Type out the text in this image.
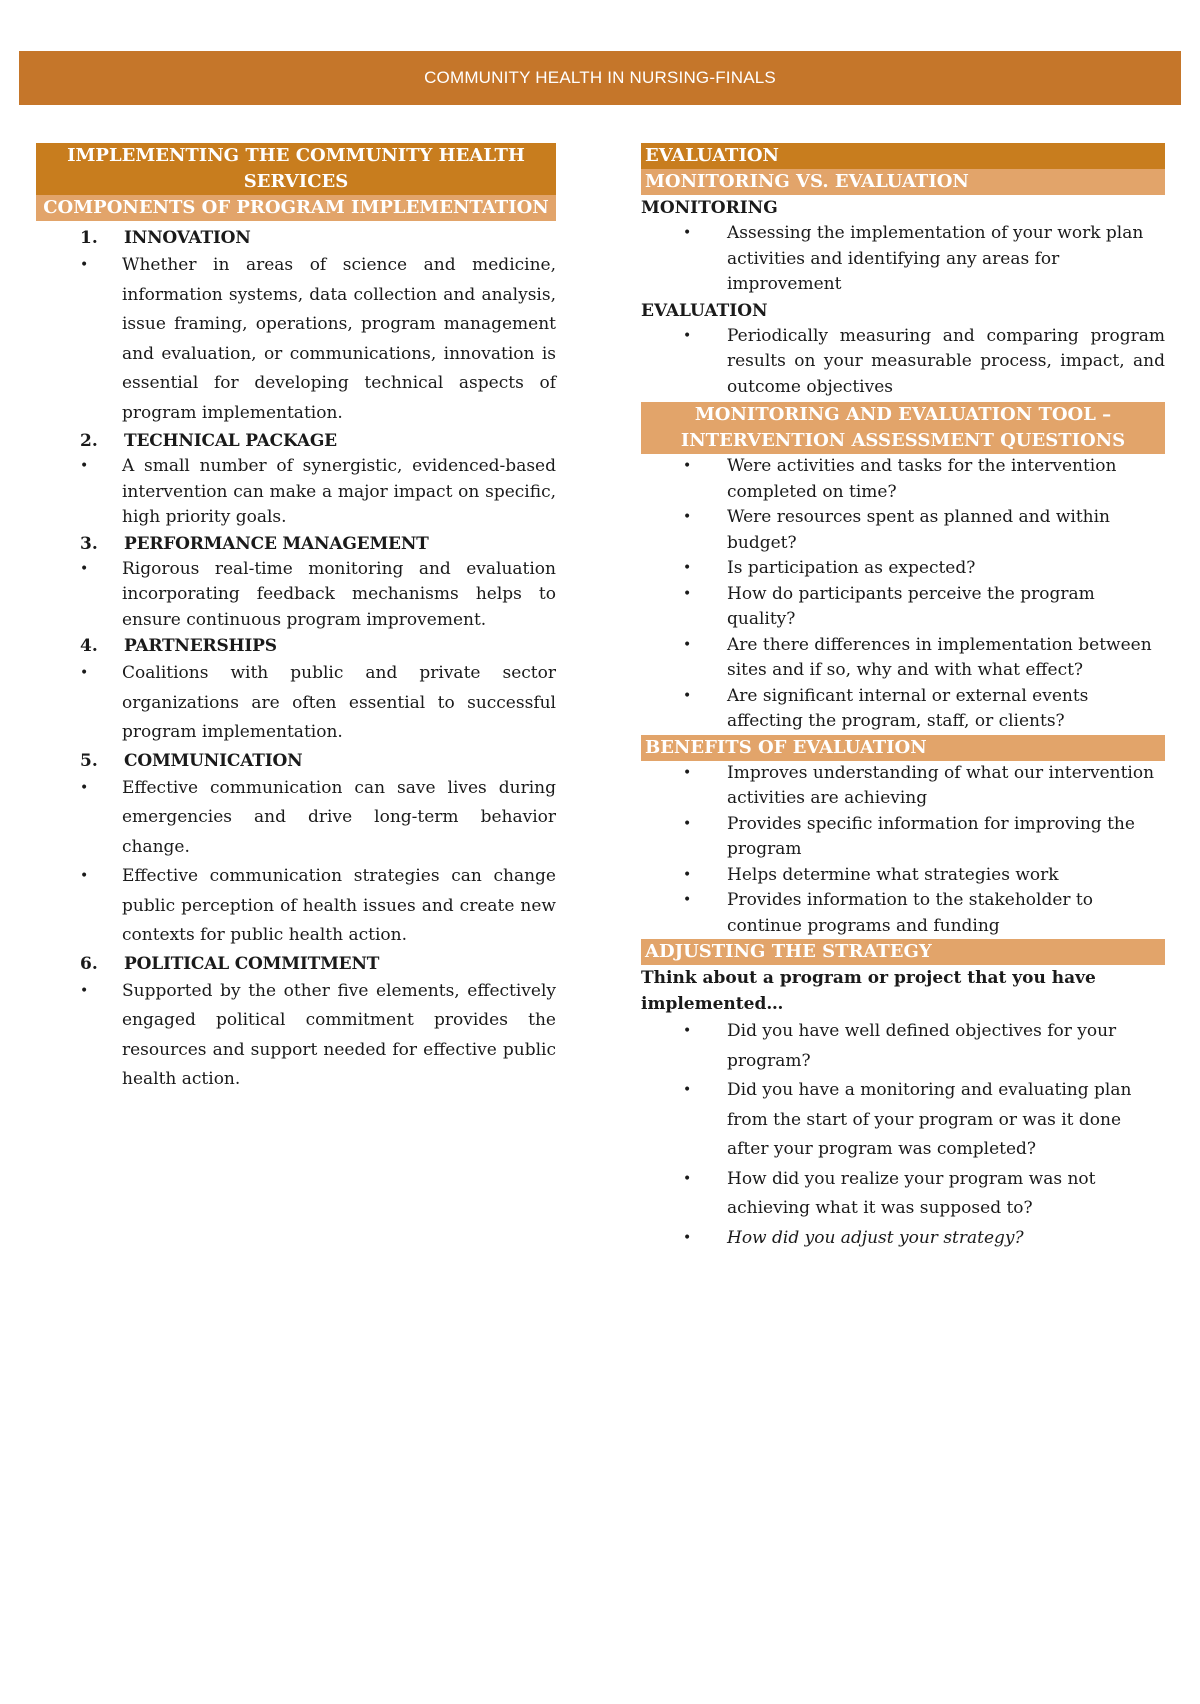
COMMUNITY HEALTH IN NURSING-FINALS
IMPLEMENTING THE COMMUNITY HEALTH SERVICES
COMPONENTS OF PROGRAM IMPLEMENTATION
1. INNOVATION
• Whether in areas of science and medicine, information systems, data collection and analysis, issue framing, operations, program management and evaluation, or communications, innovation is essential for developing technical aspects of program implementation.
2. TECHNICAL PACKAGE
• A small number of synergistic, evidenced-based intervention can make a major impact on specific, high priority goals.
3. PERFORMANCE MANAGEMENT
• Rigorous real-time monitoring and evaluation incorporating feedback mechanisms helps to ensure continuous program improvement.
4. PARTNERSHIPS
• Coalitions with public and private sector organizations are often essential to successful program implementation.
5. COMMUNICATION
• Effective communication can save lives during emergencies and drive long-term behavior change.
• Effective communication strategies can change public perception of health issues and create new contexts for public health action.
6. POLITICAL COMMITMENT
• Supported by the other five elements, effectively engaged political commitment provides the resources and support needed for effective public health action.
EVALUATION
MONITORING VS. EVALUATION
MONITORING
• Assessing the implementation of your work plan activities and identifying any areas for improvement
EVALUATION
• Periodically measuring and comparing program results on your measurable process, impact, and outcome objectives
MONITORING AND EVALUATION TOOL – INTERVENTION ASSESSMENT QUESTIONS
• Were activities and tasks for the intervention completed on time?
• Were resources spent as planned and within budget?
• Is participation as expected?
• How do participants perceive the program quality?
• Are there differences in implementation between sites and if so, why and with what effect?
• Are significant internal or external events affecting the program, staff, or clients?
BENEFITS OF EVALUATION
• Improves understanding of what our intervention activities are achieving
• Provides specific information for improving the program
• Helps determine what strategies work
• Provides information to the stakeholder to continue programs and funding
ADJUSTING THE STRATEGY
Think about a program or project that you have implemented…
• Did you have well defined objectives for your program?
• Did you have a monitoring and evaluating plan from the start of your program or was it done after your program was completed?
• How did you realize your program was not achieving what it was supposed to?
• How did you adjust your strategy?
